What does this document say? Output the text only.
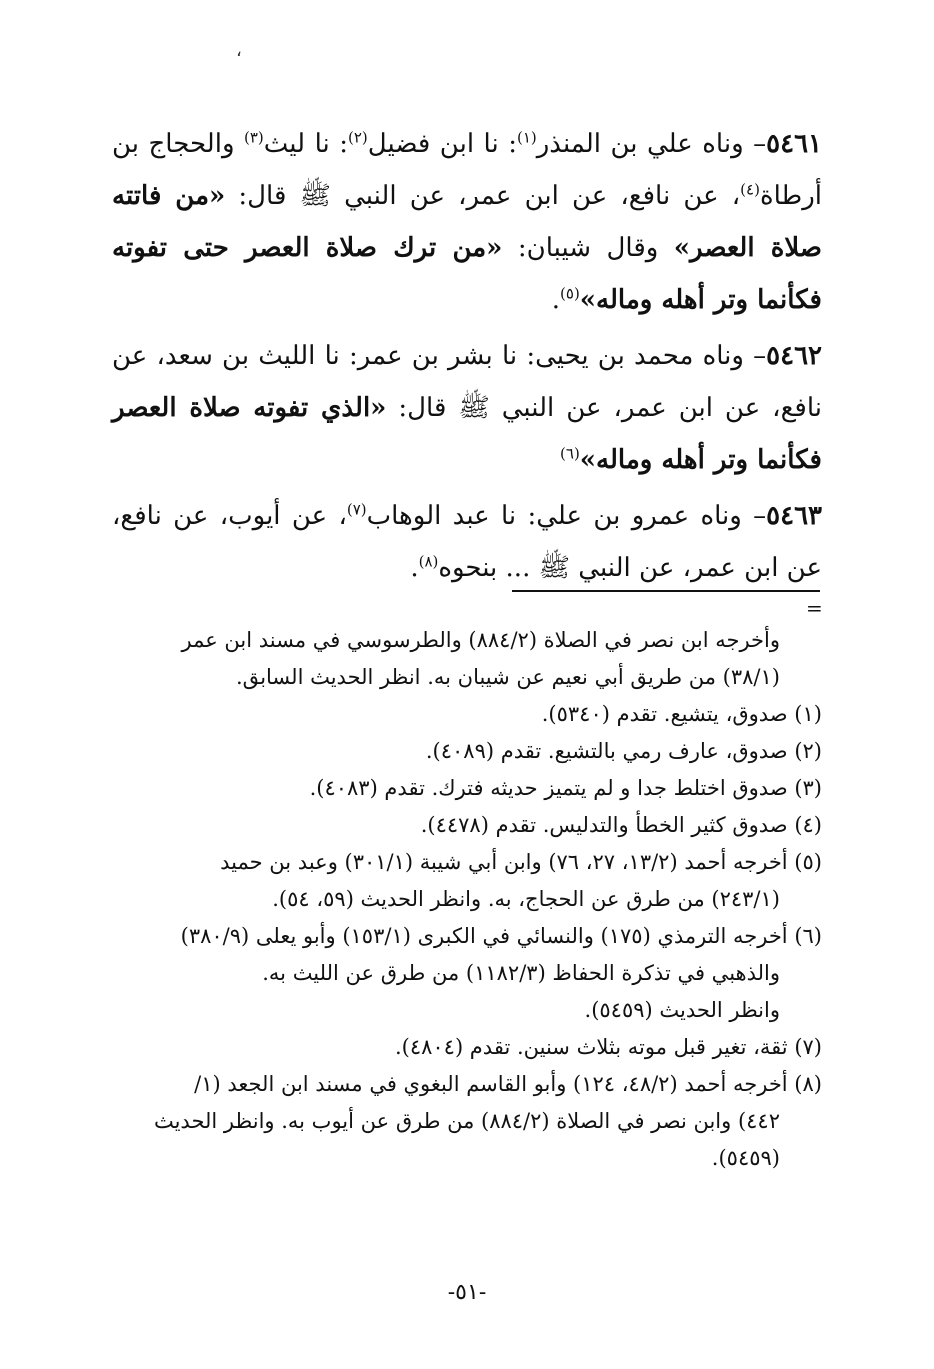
،

٥٤٦١– وناه علي بن المنذر$^{(١)}$: نا ابن فضيل$^{(٢)}$: نا ليث$^{(٣)}$ والحجاج بن أرطاة$^{(٤)}$، عن نافع، عن ابن عمر، عن النبي ﷺ قال: «من فاتته صلاة العصر» وقال شيبان: «من ترك صلاة العصر حتى تفوته فكأنما وتر أهله وماله»$^{(٥)}$.

٥٤٦٢– وناه محمد بن يحيى: نا بشر بن عمر: نا الليث بن سعد، عن نافع، عن ابن عمر، عن النبي ﷺ قال: «الذي تفوته صلاة العصر فكأنما وتر أهله وماله»$^{(٦)}$

٥٤٦٣– وناه عمرو بن علي: نا عبد الوهاب$^{(٧)}$، عن أيوب، عن نافع، عن ابن عمر، عن النبي ﷺ ... بنحوه$^{(٨)}$.

=

وأخرجه ابن نصر في الصلاة (٨٨٤/٢) والطرسوسي في مسند ابن عمر
(٣٨/١) من طريق أبي نعيم عن شيبان به. انظر الحديث السابق.

(١) صدوق، يتشيع. تقدم (٥٣٤٠).

(٢) صدوق، عارف رمي بالتشيع. تقدم (٤٠٨٩).

(٣) صدوق اختلط جدا و لم يتميز حديثه فترك. تقدم (٤٠٨٣).

(٤) صدوق كثير الخطأ والتدليس. تقدم (٤٤٧٨).

(٥) أخرجه أحمد (١٣/٢، ٢٧، ٧٦) وابن أبي شيبة (٣٠١/١) وعبد بن حميد
(٢٤٣/١) من طرق عن الحجاج، به. وانظر الحديث (٥٩، ٥٤).

(٦) أخرجه الترمذي (١٧٥) والنسائي في الكبرى (١٥٣/١) وأبو يعلى (٣٨٠/٩)
والذهبي في تذكرة الحفاظ (١١٨٢/٣) من طرق عن الليث به.
وانظر الحديث (٥٤٥٩).

(٧) ثقة، تغير قبل موته بثلاث سنين. تقدم (٤٨٠٤).

(٨) أخرجه أحمد (٤٨/٢، ١٢٤) وأبو القاسم البغوي في مسند ابن الجعد (١/
٤٤٢) وابن نصر في الصلاة (٨٨٤/٢) من طرق عن أيوب به. وانظر الحديث
(٥٤٥٩).

-٥١-
